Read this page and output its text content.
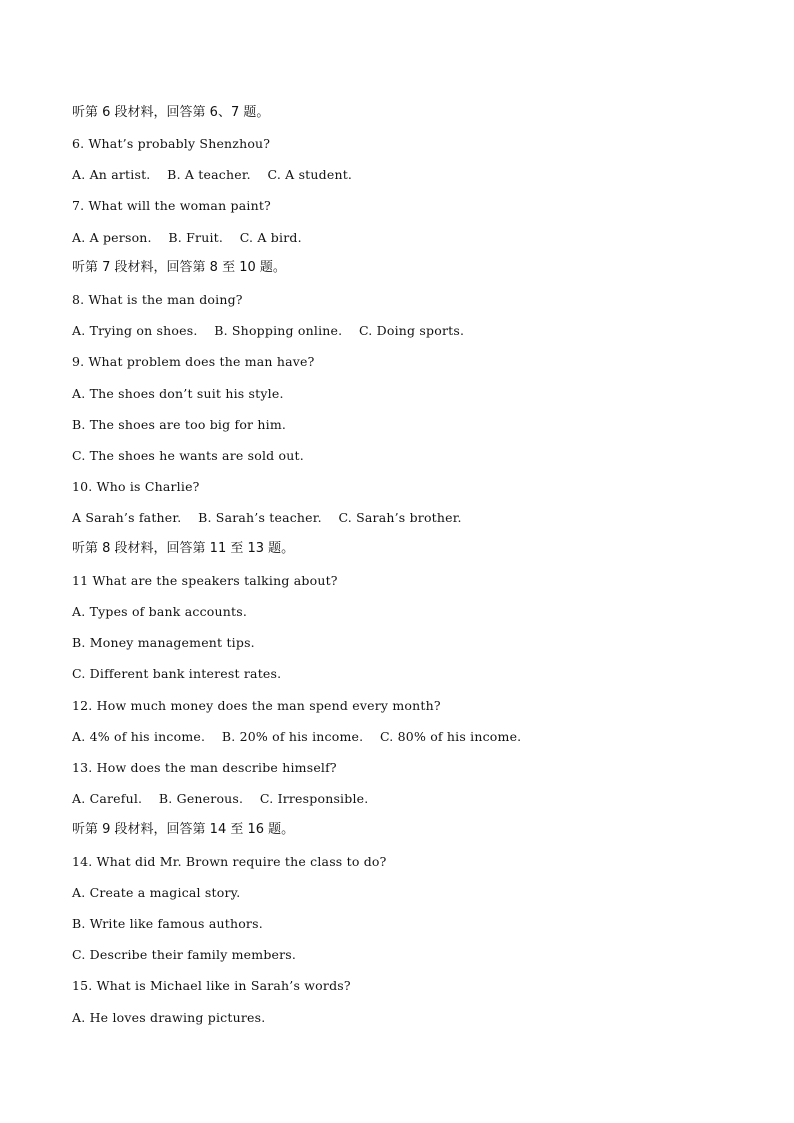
听第 6 段材料，回答第 6、7 题。
6. What’s probably Shenzhou?
A. An artist.    B. A teacher.    C. A student.
7. What will the woman paint?
A. A person.    B. Fruit.    C. A bird.
听第 7 段材料，回答第 8 至 10 题。
8. What is the man doing?
A. Trying on shoes.    B. Shopping online.    C. Doing sports.
9. What problem does the man have?
A. The shoes don’t suit his style.
B. The shoes are too big for him.
C. The shoes he wants are sold out.
10. Who is Charlie?
A Sarah’s father.    B. Sarah’s teacher.    C. Sarah’s brother.
听第 8 段材料，回答第 11 至 13 题。
11 What are the speakers talking about?
A. Types of bank accounts.
B. Money management tips.
C. Different bank interest rates.
12. How much money does the man spend every month?
A. 4% of his income.    B. 20% of his income.    C. 80% of his income.
13. How does the man describe himself?
A. Careful.    B. Generous.    C. Irresponsible.
听第 9 段材料，回答第 14 至 16 题。
14. What did Mr. Brown require the class to do?
A. Create a magical story.
B. Write like famous authors.
C. Describe their family members.
15. What is Michael like in Sarah’s words?
A. He loves drawing pictures.
